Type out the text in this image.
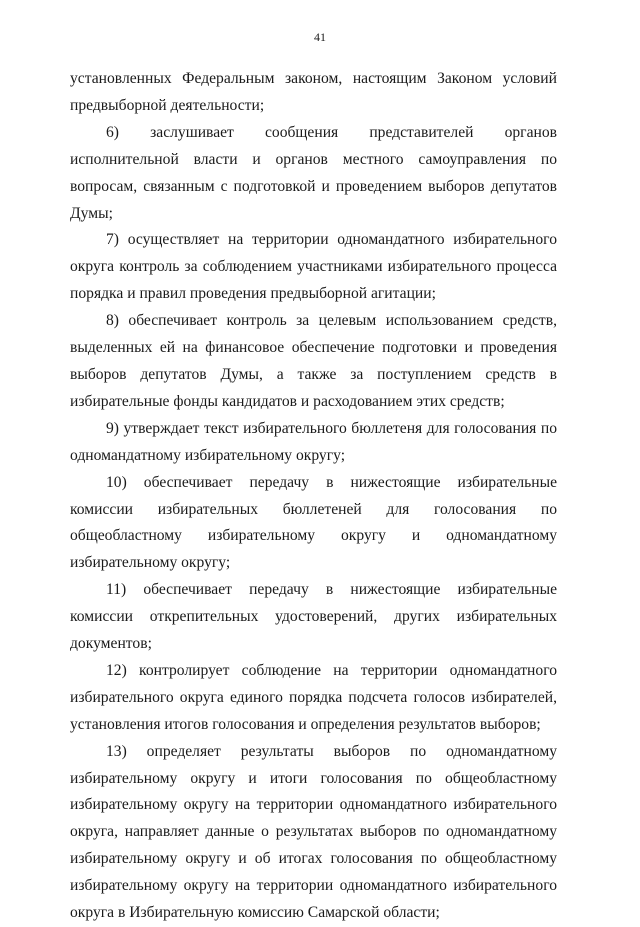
41

установленных Федеральным законом, настоящим Законом условий предвыборной деятельности;

6) заслушивает сообщения представителей органов исполнительной власти и органов местного самоуправления по вопросам, связанным с подготовкой и проведением выборов депутатов Думы;

7) осуществляет на территории одномандатного избирательного округа контроль за соблюдением участниками избирательного процесса порядка и правил проведения предвыборной агитации;

8) обеспечивает контроль за целевым использованием средств, выделенных ей на финансовое обеспечение подготовки и проведения выборов депутатов Думы, а также за поступлением средств в избирательные фонды кандидатов и расходованием этих средств;

9) утверждает текст избирательного бюллетеня для голосования по одномандатному избирательному округу;

10) обеспечивает передачу в нижестоящие избирательные комиссии избирательных бюллетеней для голосования по общеобластному избирательному округу и одномандатному избирательному округу;

11) обеспечивает передачу в нижестоящие избирательные комиссии открепительных удостоверений, других избирательных документов;

12) контролирует соблюдение на территории одномандатного избирательного округа единого порядка подсчета голосов избирателей, установления итогов голосования и определения результатов выборов;

13) определяет результаты выборов по одномандатному избирательному округу и итоги голосования по общеобластному избирательному округу на территории одномандатного избирательного округа, направляет данные о результатах выборов по одномандатному избирательному округу и об итогах голосования по общеобластному избирательному округу на территории одномандатного избирательного округа в Избирательную комиссию Самарской области;
